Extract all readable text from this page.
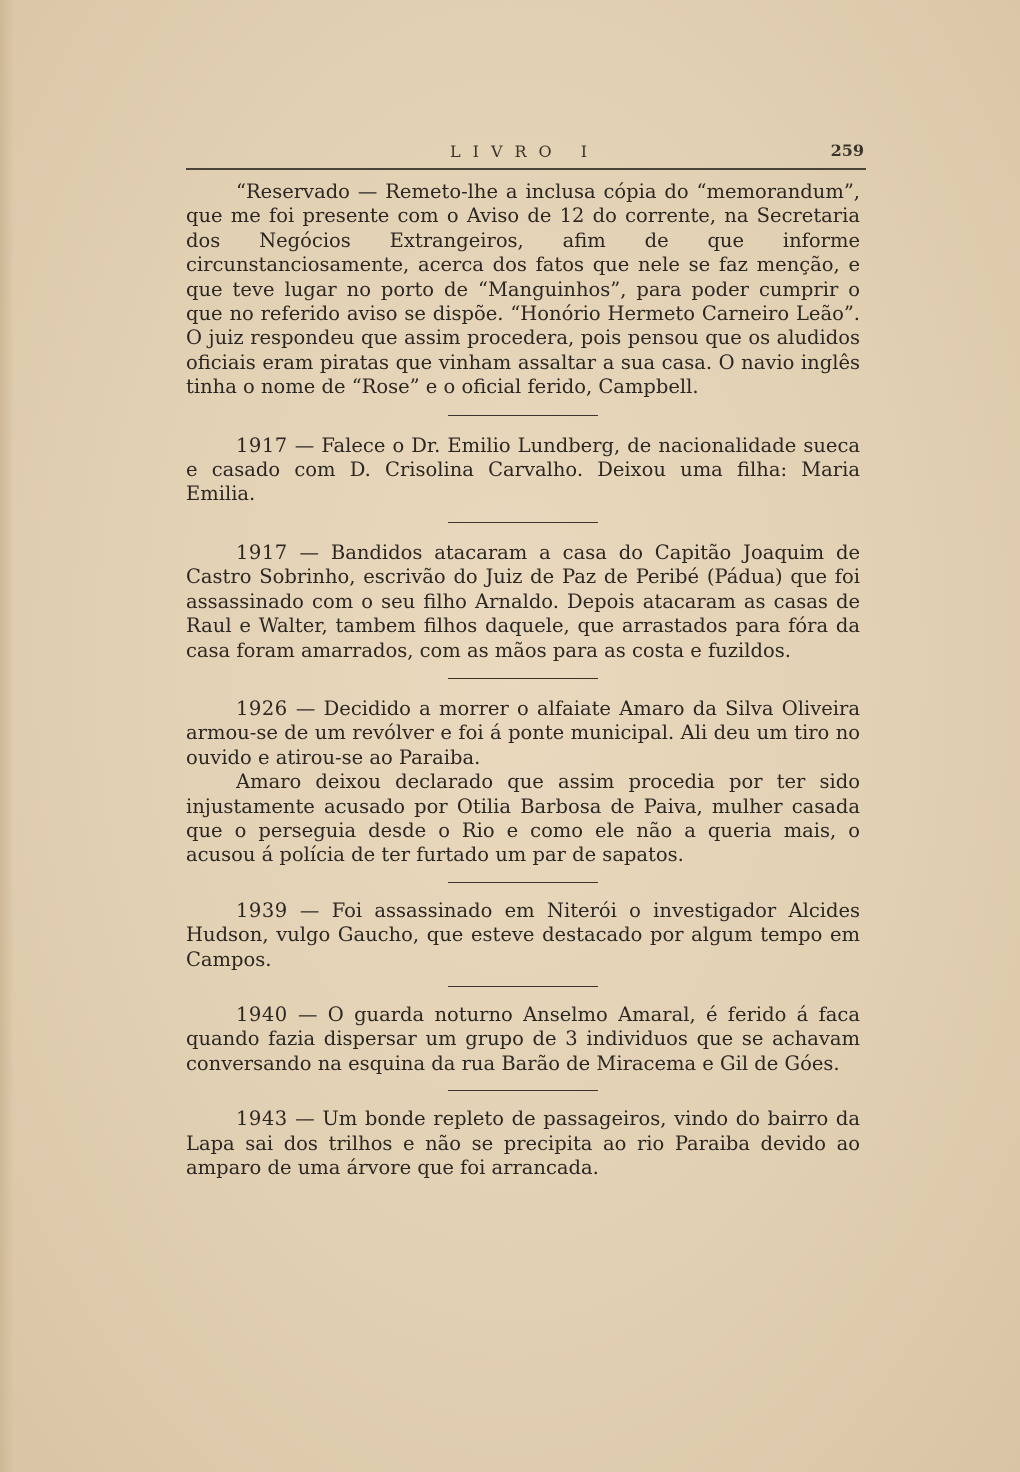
LIVRO I	259

“Reservado — Remeto-lhe a inclusa cópia do “memorandum”, que me foi presente com o Aviso de 12 do corrente, na Secretaria dos Negócios Extrangeiros, afim de que informe circunstanciosamente, acerca dos fatos que nele se faz menção, e que teve lugar no porto de “Manguinhos”, para poder cumprir o que no referido aviso se dispõe. “Honório Hermeto Carneiro Leão”. O juiz respondeu que assim procedera, pois pensou que os aludidos oficiais eram piratas que vinham assaltar a sua casa. O navio inglês tinha o nome de “Rose” e o oficial ferido, Campbell.

1917 — Falece o Dr. Emilio Lundberg, de nacionalidade sueca e casado com D. Crisolina Carvalho. Deixou uma filha: Maria Emilia.

1917 — Bandidos atacaram a casa do Capitão Joaquim de Castro Sobrinho, escrivão do Juiz de Paz de Peribé (Pádua) que foi assassinado com o seu filho Arnaldo. Depois atacaram as casas de Raul e Walter, tambem filhos daquele, que arrastados para fóra da casa foram amarrados, com as mãos para as costa e fuzildos.

1926 — Decidido a morrer o alfaiate Amaro da Silva Oliveira armou-se de um revólver e foi á ponte municipal. Ali deu um tiro no ouvido e atirou-se ao Paraiba.

Amaro deixou declarado que assim procedia por ter sido injustamente acusado por Otilia Barbosa de Paiva, mulher casada que o perseguia desde o Rio e como ele não a queria mais, o acusou á polícia de ter furtado um par de sapatos.

1939 — Foi assassinado em Niterói o investigador Alcides Hudson, vulgo Gaucho, que esteve destacado por algum tempo em Campos.

1940 — O guarda noturno Anselmo Amaral, é ferido á faca quando fazia dispersar um grupo de 3 individuos que se achavam conversando na esquina da rua Barão de Miracema e Gil de Góes.

1943 — Um bonde repleto de passageiros, vindo do bairro da Lapa sai dos trilhos e não se precipita ao rio Paraiba devido ao amparo de uma árvore que foi arrancada.
